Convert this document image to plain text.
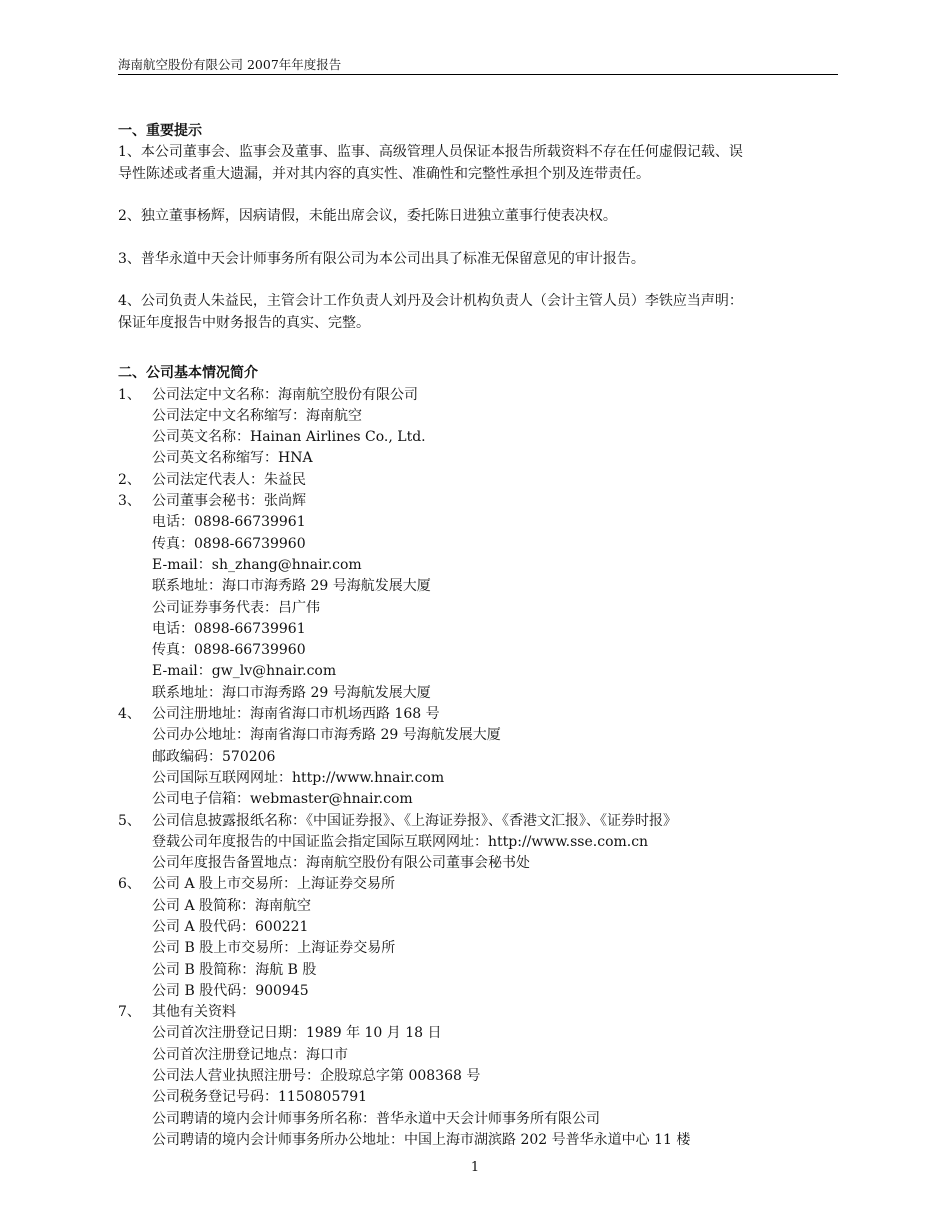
海南航空股份有限公司 2007年年度报告
一、重要提示
1、本公司董事会、监事会及董事、监事、高级管理人员保证本报告所载资料不存在任何虚假记载、误
导性陈述或者重大遗漏，并对其内容的真实性、准确性和完整性承担个别及连带责任。
2、独立董事杨辉，因病请假，未能出席会议，委托陈日进独立董事行使表决权。
3、普华永道中天会计师事务所有限公司为本公司出具了标准无保留意见的审计报告。
4、公司负责人朱益民，主管会计工作负责人刘丹及会计机构负责人（会计主管人员）李铁应当声明：
保证年度报告中财务报告的真实、完整。
二、公司基本情况简介
1、 公司法定中文名称：海南航空股份有限公司
公司法定中文名称缩写：海南航空
公司英文名称：Hainan Airlines Co., Ltd.
公司英文名称缩写：HNA
2、 公司法定代表人：朱益民
3、 公司董事会秘书：张尚辉
电话：0898-66739961
传真：0898-66739960
E-mail：sh_zhang@hnair.com
联系地址：海口市海秀路 29 号海航发展大厦
公司证券事务代表：吕广伟
电话：0898-66739961
传真：0898-66739960
E-mail：gw_lv@hnair.com
联系地址：海口市海秀路 29 号海航发展大厦
4、 公司注册地址：海南省海口市机场西路 168 号
公司办公地址：海南省海口市海秀路 29 号海航发展大厦
邮政编码：570206
公司国际互联网网址：http://www.hnair.com
公司电子信箱：webmaster@hnair.com
5、 公司信息披露报纸名称：《中国证券报》、《上海证券报》、《香港文汇报》、《证券时报》
登载公司年度报告的中国证监会指定国际互联网网址：http://www.sse.com.cn
公司年度报告备置地点：海南航空股份有限公司董事会秘书处
6、 公司 A 股上市交易所：上海证券交易所
公司 A 股简称：海南航空
公司 A 股代码：600221
公司 B 股上市交易所：上海证券交易所
公司 B 股简称：海航 B 股
公司 B 股代码：900945
7、 其他有关资料
公司首次注册登记日期：1989 年 10 月 18 日
公司首次注册登记地点：海口市
公司法人营业执照注册号：企股琼总字第 008368 号
公司税务登记号码：1150805791
公司聘请的境内会计师事务所名称：普华永道中天会计师事务所有限公司
公司聘请的境内会计师事务所办公地址：中国上海市湖滨路 202 号普华永道中心 11 楼
1
